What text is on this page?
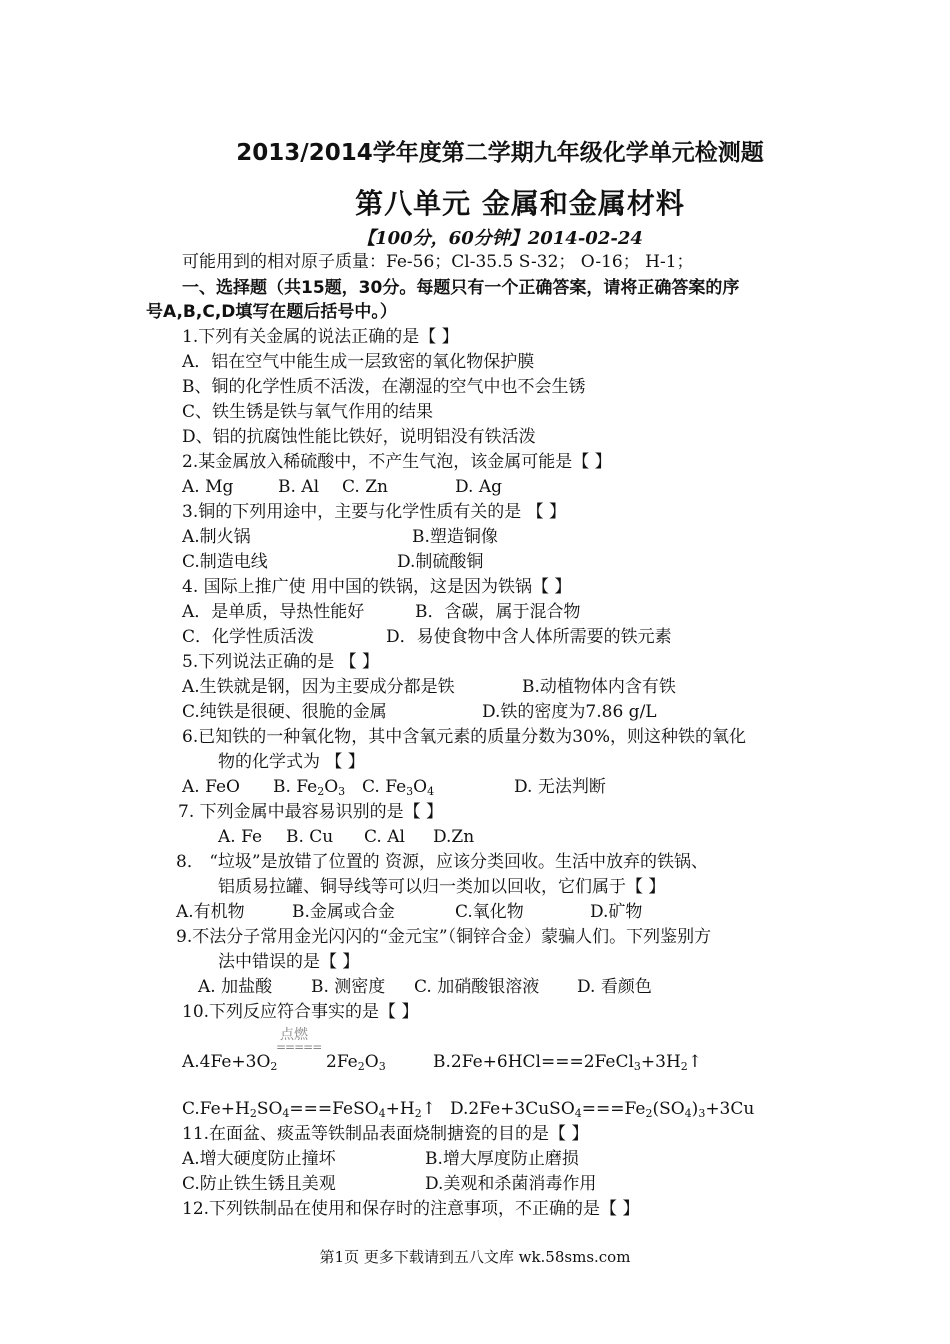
2013/2014学年度第二学期九年级化学单元检测题
第八单元 金属和金属材料
【100分，60分钟】2014-02-24
可能用到的相对原子质量：Fe-56；Cl-35.5 S-32； O-16； H-1；
一、选择题（共15题，30分。每题只有一个正确答案，请将正确答案的序
号A,B,C,D填写在题后括号中。）
1.下列有关金属的说法正确的是【 】
A．铝在空气中能生成一层致密的氧化物保护膜
B、铜的化学性质不活泼，在潮湿的空气中也不会生锈
C、铁生锈是铁与氧气作用的结果
D、铝的抗腐蚀性能比铁好，说明铝没有铁活泼
2.某金属放入稀硫酸中，不产生气泡，该金属可能是【 】
A. Mg	B. Al C. Zn	D. Ag
3.铜的下列用途中，主要与化学性质有关的是 【 】
A.制火锅	B.塑造铜像
C.制造电线	D.制硫酸铜
4. 国际上推广使 用中国的铁锅，这是因为铁锅【 】
A．是单质，导热性能好	B．含碳，属于混合物
C．化学性质活泼	D．易使食物中含人体所需要的铁元素
5.下列说法正确的是 【 】
A.生铁就是钢，因为主要成分都是铁	B.动植物体内含有铁
C.纯铁是很硬、很脆的金属	D.铁的密度为7.86 g/L
6.已知铁的一种氧化物，其中含氧元素的质量分数为30%，则这种铁的氧化
物的化学式为 【 】
A. FeO B. $Fe_2O_3$ C. $Fe_3O_4$	D. 无法判断
7. 下列金属中最容易识别的是【 】
A. Fe B. Cu C. Al D.Zn
8． “垃圾”是放错了位置的 资源，应该分类回收。生活中放弃的铁锅、
铝质易拉罐、铜导线等可以归一类加以回收，它们属于【 】
A.有机物	B.金属或合金	C.氧化物	D.矿物
9.不法分子常用金光闪闪的“金元宝”（铜锌合金）蒙骗人们。下列鉴别方
法中错误的是【 】
A. 加盐酸 B. 测密度 C. 加硝酸银溶液 D. 看颜色
10.下列反应符合事实的是【 】
点燃
=====
$A.4Fe+3O_2$	$2Fe_2O_3$	$B.2Fe+6HCl===2FeCl_3+3H_2↑$
$C.Fe+H_2SO_4===FeSO_4+H_2↑$ $D.2Fe+3CuSO_4===Fe_2(SO_4)_3+3Cu$
11.在面盆、痰盂等铁制品表面烧制搪瓷的目的是【 】
A.增大硬度防止撞坏	B.增大厚度防止磨损
C.防止铁生锈且美观	D.美观和杀菌消毒作用
12.下列铁制品在使用和保存时的注意事项，不正确的是【 】
第1页 更多下载请到五八文库 wk.58sms.com
